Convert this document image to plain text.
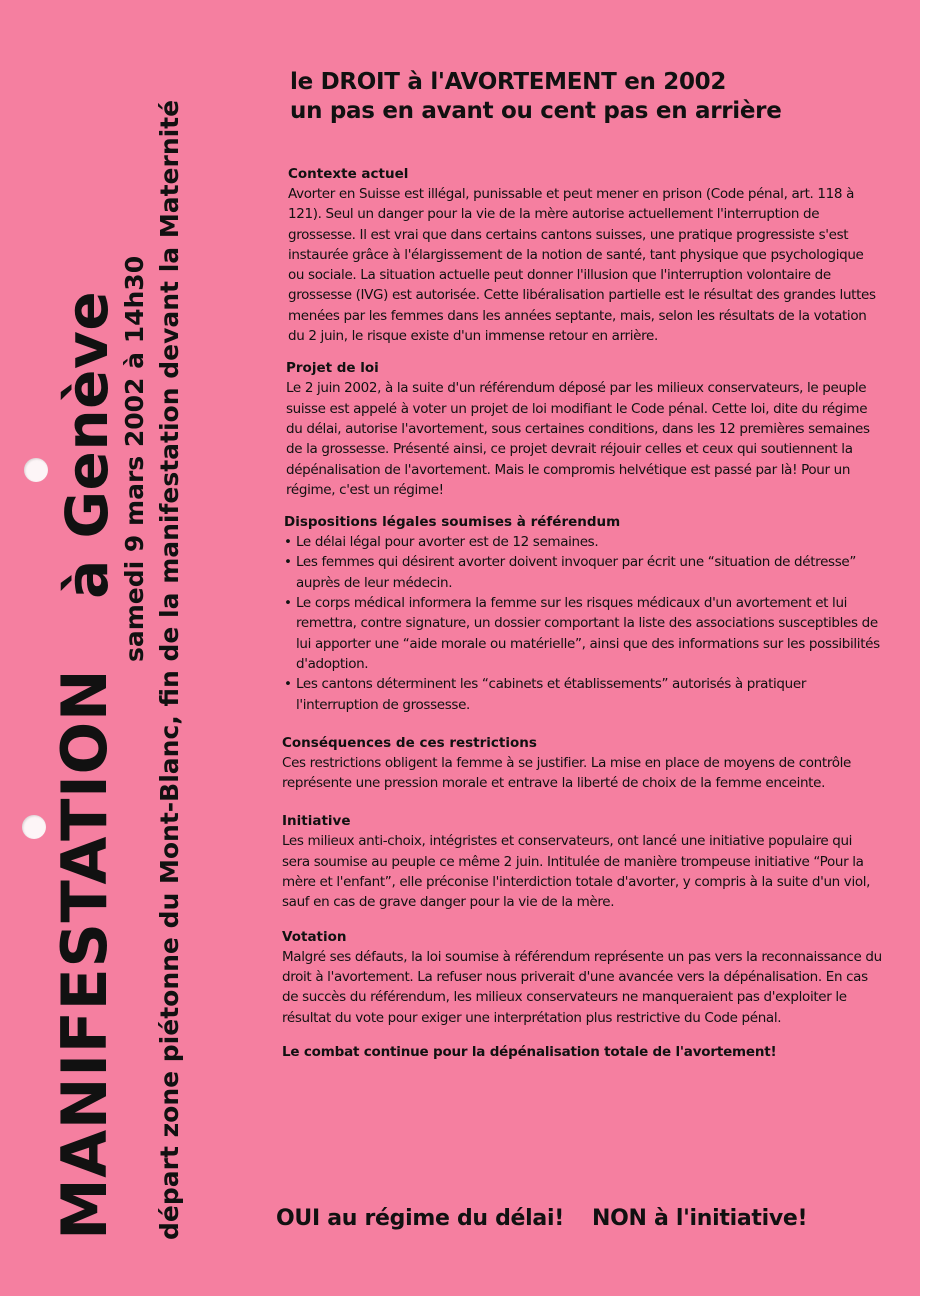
MANIFESTATION
à Genève
samedi 9 mars 2002 à 14h30 départ zone piétonne du Mont-Blanc, fin de la manifestation devant la Maternité
le DROIT à l'AVORTEMENT en 2002
un pas en avant ou cent pas en arrière
Contexte actuel
Avorter en Suisse est illégal, punissable et peut mener en prison (Code pénal, art. 118 à 121). Seul un danger pour la vie de la mère autorise actuellement l'interruption de grossesse. Il est vrai que dans certains cantons suisses, une pratique progressiste s'est instaurée grâce à l'élargissement de la notion de santé, tant physique que psychologique ou sociale. La situation actuelle peut donner l'illusion que l'interruption volontaire de grossesse (IVG) est autorisée. Cette libéralisation partielle est le résultat des grandes luttes menées par les femmes dans les années septante, mais, selon les résultats de la votation du 2 juin, le risque existe d'un immense retour en arrière.
Projet de loi
Le 2 juin 2002, à la suite d'un référendum déposé par les milieux conservateurs, le peuple suisse est appelé à voter un projet de loi modifiant le Code pénal. Cette loi, dite du régime du délai, autorise l'avortement, sous certaines conditions, dans les 12 premières semaines de la grossesse. Présenté ainsi, ce projet devrait réjouir celles et ceux qui soutiennent la dépénalisation de l'avortement. Mais le compromis helvétique est passé par là! Pour un régime, c'est un régime!
Dispositions légales soumises à référendum
• Le délai légal pour avorter est de 12 semaines.
• Les femmes qui désirent avorter doivent invoquer par écrit une “situation de détresse” auprès de leur médecin.
• Le corps médical informera la femme sur les risques médicaux d'un avortement et lui remettra, contre signature, un dossier comportant la liste des associations susceptibles de lui apporter une “aide morale ou matérielle”, ainsi que des informations sur les possibilités d'adoption.
• Les cantons déterminent les “cabinets et établissements” autorisés à pratiquer l'interruption de grossesse.
Conséquences de ces restrictions
Ces restrictions obligent la femme à se justifier. La mise en place de moyens de contrôle représente une pression morale et entrave la liberté de choix de la femme enceinte.
Initiative
Les milieux anti-choix, intégristes et conservateurs, ont lancé une initiative populaire qui sera soumise au peuple ce même 2 juin. Intitulée de manière trompeuse initiative “Pour la mère et l'enfant”, elle préconise l'interdiction totale d'avorter, y compris à la suite d'un viol, sauf en cas de grave danger pour la vie de la mère.
Votation
Malgré ses défauts, la loi soumise à référendum représente un pas vers la reconnaissance du droit à l'avortement. La refuser nous priverait d'une avancée vers la dépénalisation. En cas de succès du référendum, les milieux conservateurs ne manqueraient pas d'exploiter le résultat du vote pour exiger une interprétation plus restrictive du Code pénal.
Le combat continue pour la dépénalisation totale de l'avortement!
OUI au régime du délai! NON à l'initiative!
